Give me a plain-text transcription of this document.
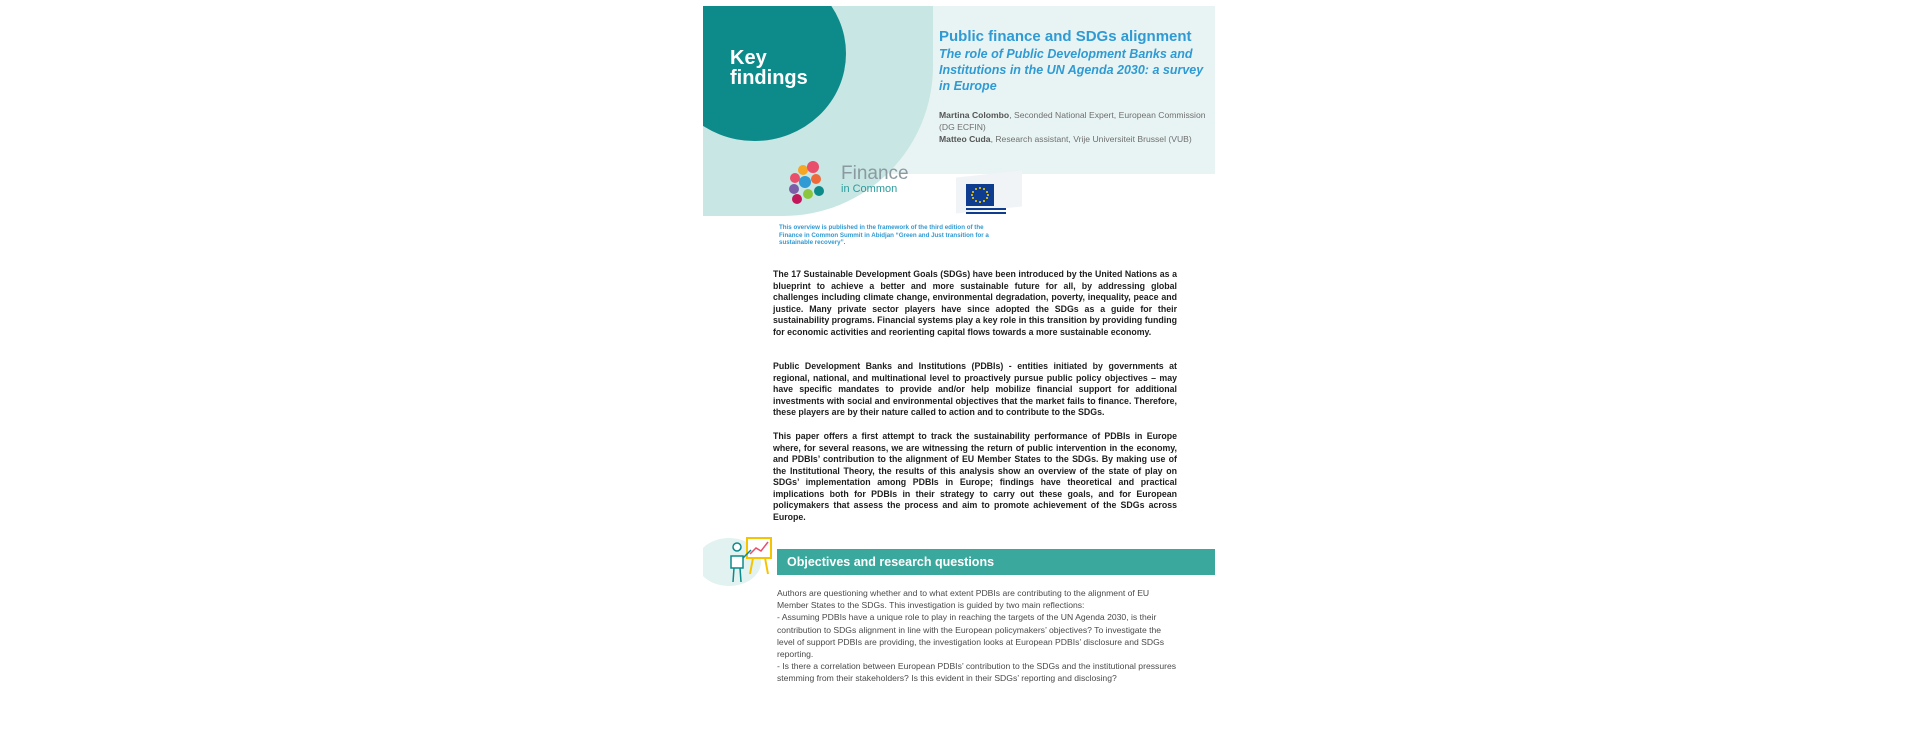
Key findings
Public finance and SDGs alignment
The role of Public Development Banks and Institutions in the UN Agenda 2030: a survey in Europe
Martina Colombo, Seconded National Expert, European Commission (DG ECFIN)
Matteo Cuda, Research assistant, Vrije Universiteit Brussel (VUB)
Finance
in Common
This overview is published in the framework of the third edition of the Finance in Common Summit in Abidjan “Green and Just transition for a sustainable recovery”.
The 17 Sustainable Development Goals (SDGs) have been introduced by the United Nations as a blueprint to achieve a better and more sustainable future for all, by addressing global challenges including climate change, environmental degradation, poverty, inequality, peace and justice. Many private sector players have since adopted the SDGs as a guide for their sustainability programs. Financial systems play a key role in this transition by providing funding for economic activities and reorienting capital flows towards a more sustainable economy.
Public Development Banks and Institutions (PDBIs) - entities initiated by governments at regional, national, and multinational level to proactively pursue public policy objectives – may have specific mandates to provide and/or help mobilize financial support for additional investments with social and environmental objectives that the market fails to finance. Therefore, these players are by their nature called to action and to contribute to the SDGs.
This paper offers a first attempt to track the sustainability performance of PDBIs in Europe where, for several reasons, we are witnessing the return of public intervention in the economy, and PDBIs’ contribution to the alignment of EU Member States to the SDGs. By making use of the Institutional Theory, the results of this analysis show an overview of the state of play on SDGs’ implementation among PDBIs in Europe; findings have theoretical and practical implications both for PDBIs in their strategy to carry out these goals, and for European policymakers that assess the process and aim to promote achievement of the SDGs across Europe.
Objectives and research questions
Authors are questioning whether and to what extent PDBIs are contributing to the alignment of EU Member States to the SDGs. This investigation is guided by two main reflections:
- Assuming PDBIs have a unique role to play in reaching the targets of the UN Agenda 2030, is their contribution to SDGs alignment in line with the European policymakers’ objectives? To investigate the level of support PDBIs are providing, the investigation looks at European PDBIs’ disclosure and SDGs reporting.
- Is there a correlation between European PDBIs’ contribution to the SDGs and the institutional pressures stemming from their stakeholders? Is this evident in their SDGs’ reporting and disclosing?
